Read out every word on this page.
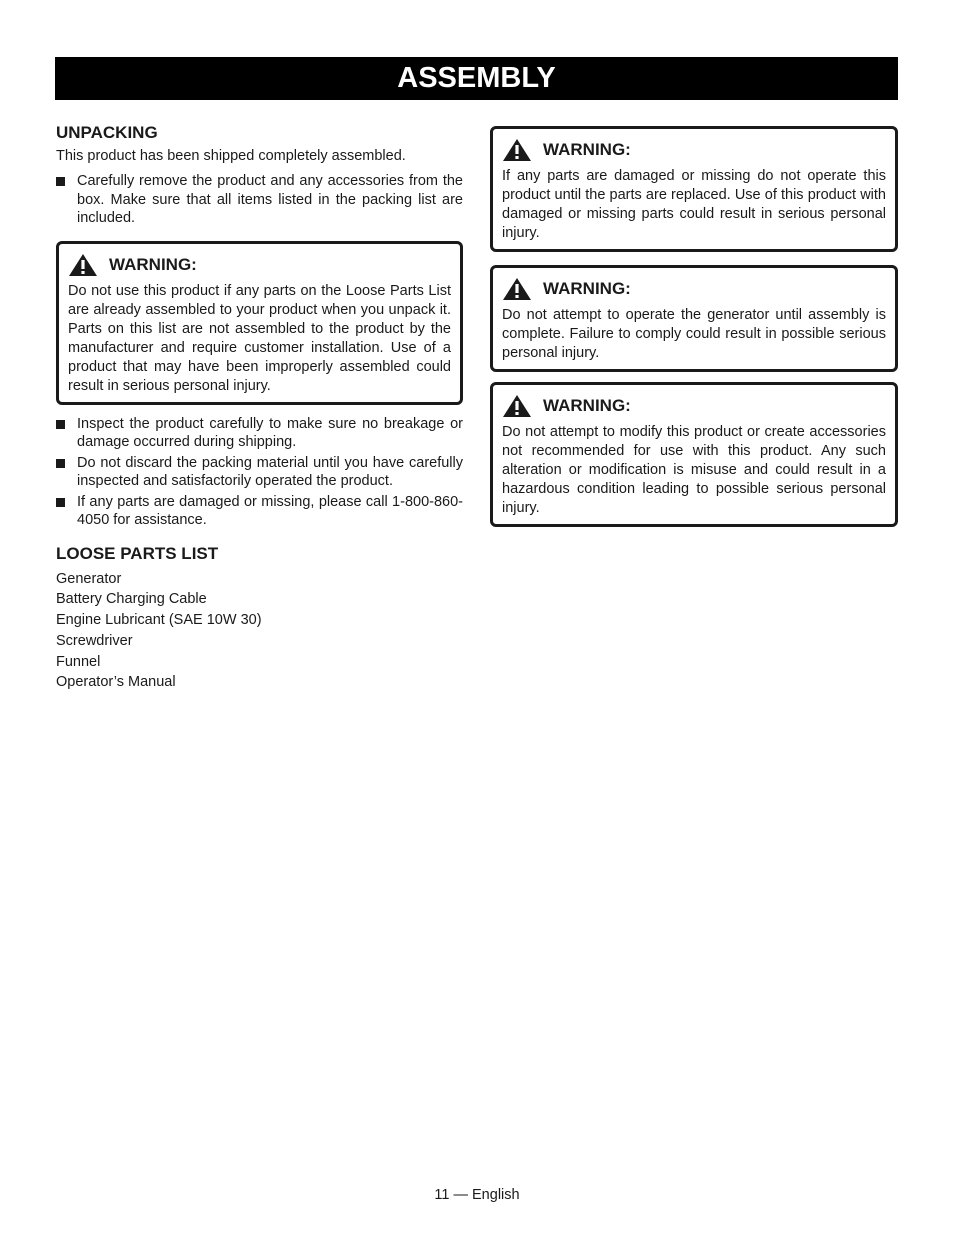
ASSEMBLY
UNPACKING

This product has been shipped completely assembled.

Carefully remove the product and any accessories from the box. Make sure that all items listed in the packing list are included.
WARNING:

Do not use this product if any parts on the Loose Parts List are already assembled to your product when you unpack it. Parts on this list are not assembled to the product by the manufacturer and require customer installation. Use of a product that may have been improperly assembled could result in serious personal injury.

Inspect the product carefully to make sure no breakage or damage occurred during shipping.
Do not discard the packing material until you have carefully inspected and satisfactorily operated the product.
If any parts are damaged or missing, please call 1-800-860-4050 for assistance.
LOOSE PARTS LIST
Generator
Battery Charging Cable
Engine Lubricant (SAE 10W 30)
Screwdriver
Funnel
Operator’s Manual
WARNING:

If any parts are damaged or missing do not operate this product until the parts are replaced. Use of this product with damaged or missing parts could result in serious personal injury.

WARNING:

Do not attempt to operate the generator until assembly is complete. Failure to comply could result in possible serious personal injury.

WARNING:

Do not attempt to modify this product or create accessories not recommended for use with this product. Any such alteration or modification is misuse and could result in a hazardous condition leading to possible serious personal injury.

11 — English
